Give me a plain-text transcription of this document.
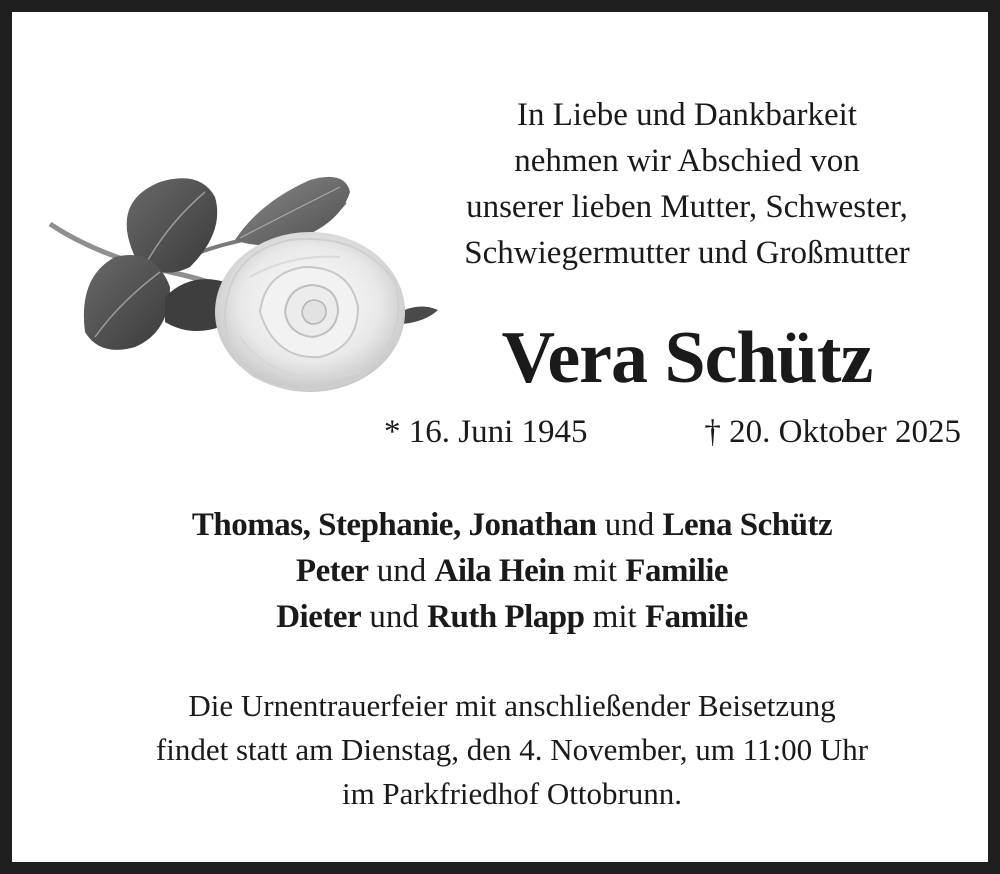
In Liebe und Dankbarkeit
nehmen wir Abschied von
unserer lieben Mutter, Schwester,
Schwiegermutter und Großmutter
Vera Schütz
* 16. Juni 1945	† 20. Oktober 2025
Thomas, Stephanie, Jonathan und Lena Schütz
Peter und Aila Hein mit Familie
Dieter und Ruth Plapp mit Familie
Die Urnentrauerfeier mit anschließender Beisetzung
findet statt am Dienstag, den 4. November, um 11:00 Uhr
im Parkfriedhof Ottobrunn.
